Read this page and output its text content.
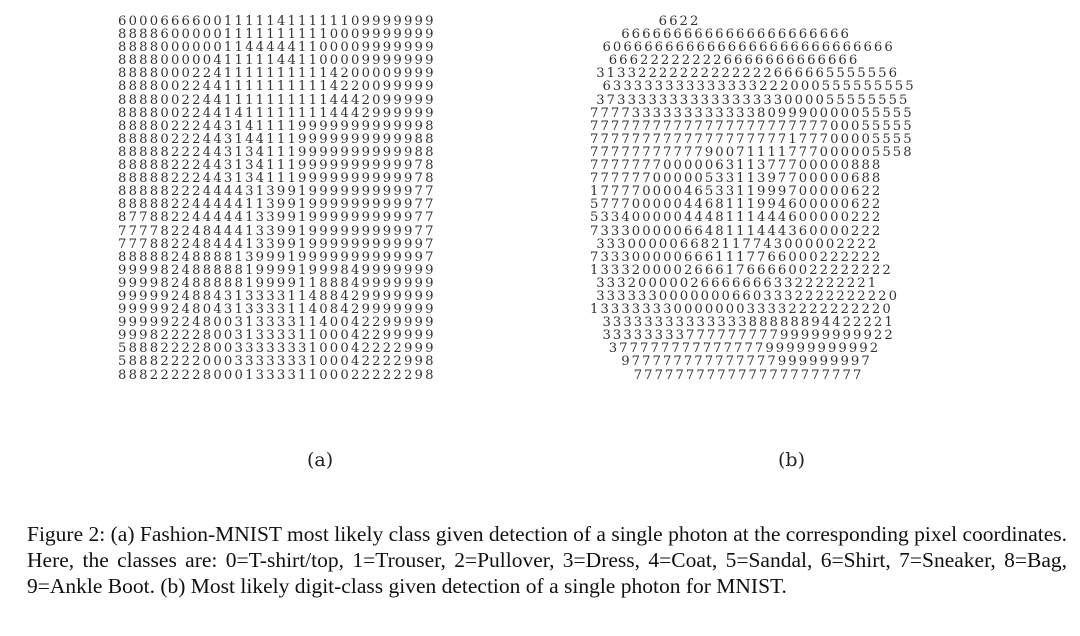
600066660011111411111109999999
888860000011111111110009999999
888800000011444441100009999999
888800000411111441100009999999
888800022411111111114200009999
888800224411111111114220099999
888800224411111111114442099999
888800224414111111114442999999
888802224431411119999999999998
888802224431441119999999999988
888882224431341119999999999988
888882224431341119999999999978
888882224431341119999999999978
888882224444313991999999999977
888882244444113991999999999977
877882244444133991999999999977
777782248444133991999999999977
777882248444133991999999999997
888882488881399919999999999997
999982488888199991999849999999
999982488888199991188849999999
999992488431333311488429999999
999992480431333311408429999999
999992248003133331140042299999
999822228003133331100042299999
588822228003333333100042222999
588822220003333333100042222998
888222228000133331100022222298
(a)
6622
6666666666666666666666
6066666666666666666666666666
666222222226666666666666
31332222222222222666665555556
633333333333333222000555555555
373333333333333333000055555555
7777333333333333809990000055555
7777777777777777777777700055555
7777777777777777777177700005555
7777777777790071111777000005558
7777777000006311377700000888
7777770000053311397700000688
1777700004653311999700000622
5777000004468111994600000622
5334000004448111444600000222
7333000006648111444360000222
333000006682117743000002222
7333000006661117766000222222
13332000026661766660022222222
333200000266666663322222221
33333300000006603332222222220
13333333000000033332222222220
3333333333333388888894422221
3333333377777777799999999922
37777777777777799999999992
977777777777777999999997
7777777777777777777777
(b)
Figure 2: (a) Fashion-MNIST most likely class given detection of a single photon at the corresponding pixel coordinates. Here, the classes are: 0=T-shirt/top, 1=Trouser, 2=Pullover, 3=Dress, 4=Coat, 5=Sandal, 6=Shirt, 7=Sneaker, 8=Bag, 9=Ankle Boot. (b) Most likely digit-class given detection of a single photon for MNIST.
